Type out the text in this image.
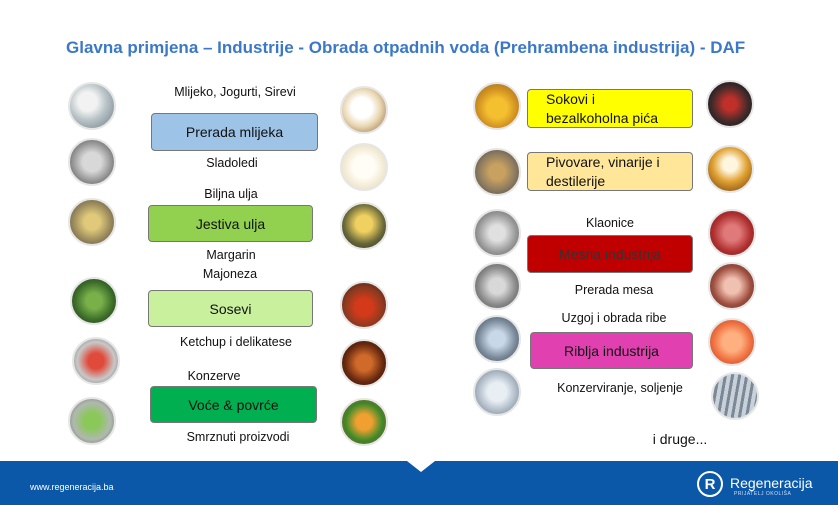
Glavna primjena – Industrije - Obrada otpadnih voda (Prehrambena industrija) - DAF
Mlijeko, Jogurti, Sirevi
Prerada mlijeka
Sladoledi
Biljna ulja
Jestiva ulja
Margarin
Majoneza
Sosevi
Ketchup i delikatese
Konzerve
Voće & povrće
Smrznuti proizvodi
Sokovi i
bezalkoholna pića
Pivovare, vinarije i
destilerije
Klaonice
Mesna industrija
Prerada mesa
Uzgoj i obrada ribe
Riblja industrija
Konzerviranje, soljenje
i druge...
www.regeneracija.ba	R	Regeneracija
PRIJATELJ OKOLIŠA
